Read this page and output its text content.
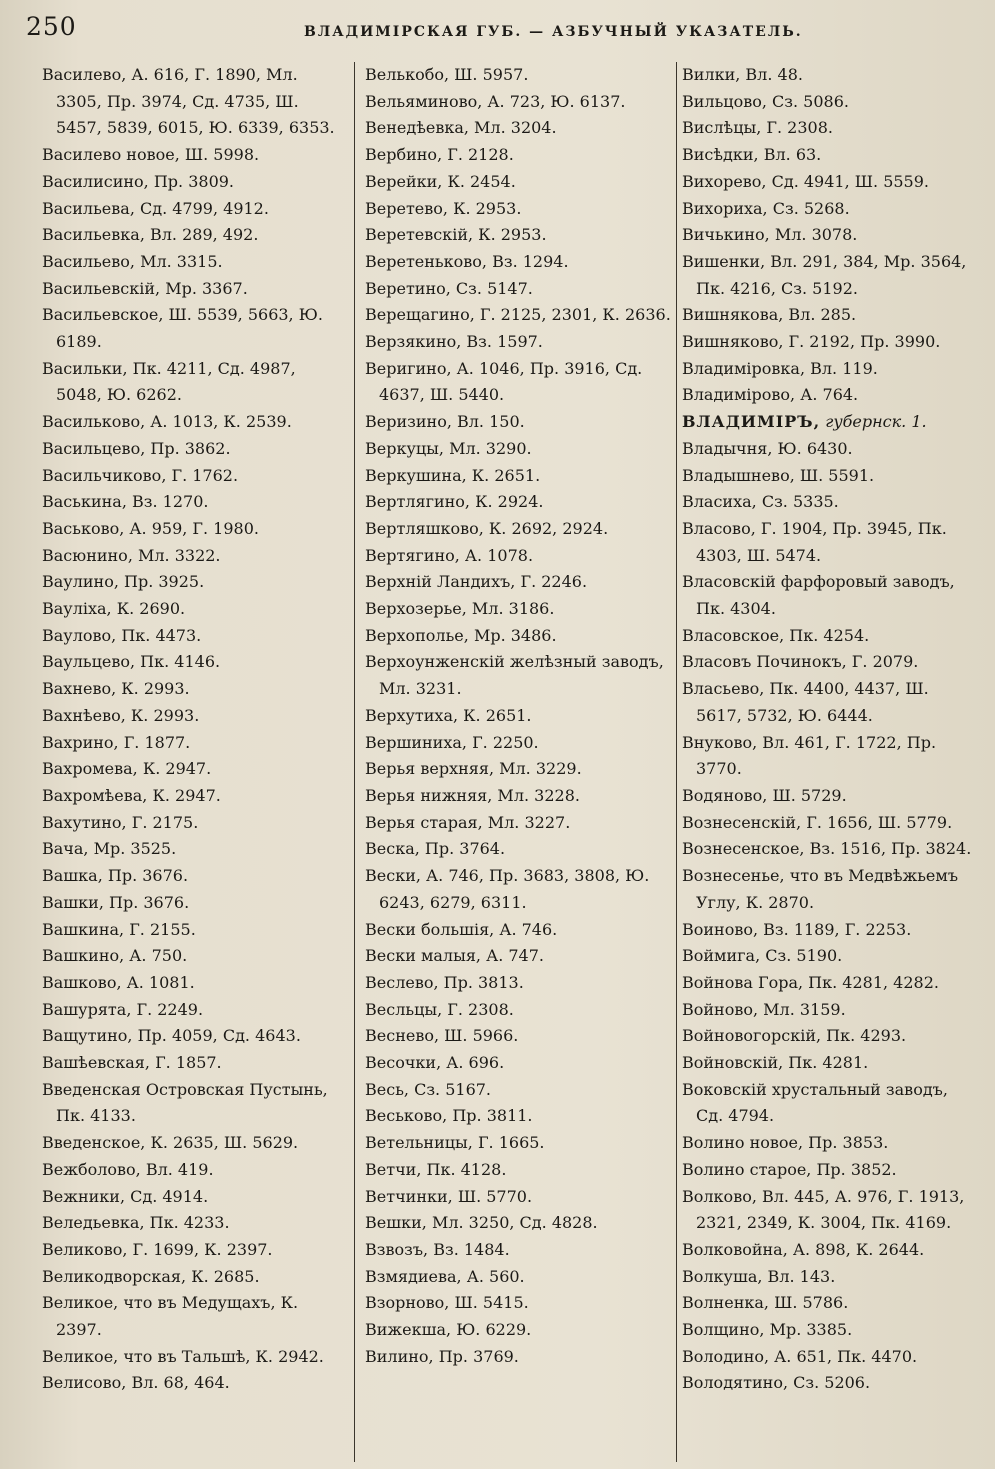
250	ВЛАДИМІРСКАЯ ГУБ. — АЗБУЧНЫЙ УКАЗАТЕЛЬ.

Василево, А. 616, Г. 1890, Мл. 3305, Пр. 3974, Сд. 4735, Ш. 5457, 5839, 6015, Ю. 6339, 6353.

Василево новое, Ш. 5998.

Василисино, Пр. 3809.

Васильева, Сд. 4799, 4912.

Васильевка, Вл. 289, 492.

Васильево, Мл. 3315.

Васильевскій, Мр. 3367.

Васильевское, Ш. 5539, 5663, Ю. 6189.

Васильки, Пк. 4211, Сд. 4987, 5048, Ю. 6262.

Васильково, А. 1013, К. 2539.

Васильцево, Пр. 3862.

Васильчиково, Г. 1762.

Васькина, Вз. 1270.

Васьково, А. 959, Г. 1980.

Васюнино, Мл. 3322.

Ваулино, Пр. 3925.

Вауліха, К. 2690.

Ваулово, Пк. 4473.

Ваульцево, Пк. 4146.

Вахнево, К. 2993.

Вахнѣево, К. 2993.

Вахрино, Г. 1877.

Вахромева, К. 2947.

Вахромѣева, К. 2947.

Вахутино, Г. 2175.

Вача, Мр. 3525.

Вашка, Пр. 3676.

Вашки, Пр. 3676.

Вашкина, Г. 2155.

Вашкино, А. 750.

Вашково, А. 1081.

Вашурята, Г. 2249.

Ващутино, Пр. 4059, Сд. 4643.

Вашѣевская, Г. 1857.

Введенская Островская Пустынь, Пк. 4133.

Введенское, К. 2635, Ш. 5629.

Вежболово, Вл. 419.

Вежники, Сд. 4914.

Веледьевка, Пк. 4233.

Великово, Г. 1699, К. 2397.

Великодворская, К. 2685.

Великое, что въ Медущахъ, К. 2397.

Великое, что въ Тальшѣ, К. 2942.

Велисово, Вл. 68, 464.

Велькобо, Ш. 5957.

Вельяминово, А. 723, Ю. 6137.

Венедѣевка, Мл. 3204.

Вербино, Г. 2128.

Верейки, К. 2454.

Веретево, К. 2953.

Веретевскій, К. 2953.

Веретеньково, Вз. 1294.

Веретино, Сз. 5147.

Верещагино, Г. 2125, 2301, К. 2636.

Верзякино, Вз. 1597.

Веригино, А. 1046, Пр. 3916, Сд. 4637, Ш. 5440.

Веризино, Вл. 150.

Веркуцы, Мл. 3290.

Веркушина, К. 2651.

Вертлягино, К. 2924.

Вертляшково, К. 2692, 2924.

Вертягино, А. 1078.

Верхній Ландихъ, Г. 2246.

Верхозерье, Мл. 3186.

Верхополье, Мр. 3486.

Верхоунженскій желѣзный заводъ, Мл. 3231.

Верхутиха, К. 2651.

Вершиниха, Г. 2250.

Верья верхняя, Мл. 3229.

Верья нижняя, Мл. 3228.

Верья старая, Мл. 3227.

Веска, Пр. 3764.

Вески, А. 746, Пр. 3683, 3808, Ю. 6243, 6279, 6311.

Вески большія, А. 746.

Вески малыя, А. 747.

Веслево, Пр. 3813.

Весльцы, Г. 2308.

Веснево, Ш. 5966.

Весочки, А. 696.

Весь, Сз. 5167.

Веськово, Пр. 3811.

Ветельницы, Г. 1665.

Ветчи, Пк. 4128.

Ветчинки, Ш. 5770.

Вешки, Мл. 3250, Сд. 4828.

Взвозъ, Вз. 1484.

Взмядиева, А. 560.

Взорново, Ш. 5415.

Вижекша, Ю. 6229.

Вилино, Пр. 3769.

Вилки, Вл. 48.

Вильцово, Сз. 5086.

Вислѣцы, Г. 2308.

Висѣдки, Вл. 63.

Вихорево, Сд. 4941, Ш. 5559.

Вихориха, Сз. 5268.

Вичькино, Мл. 3078.

Вишенки, Вл. 291, 384, Мр. 3564, Пк. 4216, Сз. 5192.

Вишнякова, Вл. 285.

Вишняково, Г. 2192, Пр. 3990.

Владиміровка, Вл. 119.

Владимірово, А. 764.

ВЛАДИМІРЪ, губернск. 1.

Владычня, Ю. 6430.

Владышнево, Ш. 5591.

Власиха, Сз. 5335.

Власово, Г. 1904, Пр. 3945, Пк. 4303, Ш. 5474.

Власовскій фарфоровый заводъ, Пк. 4304.

Власовское, Пк. 4254.

Власовъ Починокъ, Г. 2079.

Власьево, Пк. 4400, 4437, Ш. 5617, 5732, Ю. 6444.

Внуково, Вл. 461, Г. 1722, Пр. 3770.

Водяново, Ш. 5729.

Вознесенскій, Г. 1656, Ш. 5779.

Вознесенское, Вз. 1516, Пр. 3824.

Вознесенье, что въ Медвѣжьемъ Углу, К. 2870.

Воиново, Вз. 1189, Г. 2253.

Воймига, Сз. 5190.

Войнова Гора, Пк. 4281, 4282.

Войново, Мл. 3159.

Войновогорскій, Пк. 4293.

Войновскій, Пк. 4281.

Воковскій хрустальный заводъ, Сд. 4794.

Волино новое, Пр. 3853.

Волино старое, Пр. 3852.

Волково, Вл. 445, А. 976, Г. 1913, 2321, 2349, К. 3004, Пк. 4169.

Волковойна, А. 898, К. 2644.

Волкуша, Вл. 143.

Волненка, Ш. 5786.

Волщино, Мр. 3385.

Володино, А. 651, Пк. 4470.

Володятино, Сз. 5206.
